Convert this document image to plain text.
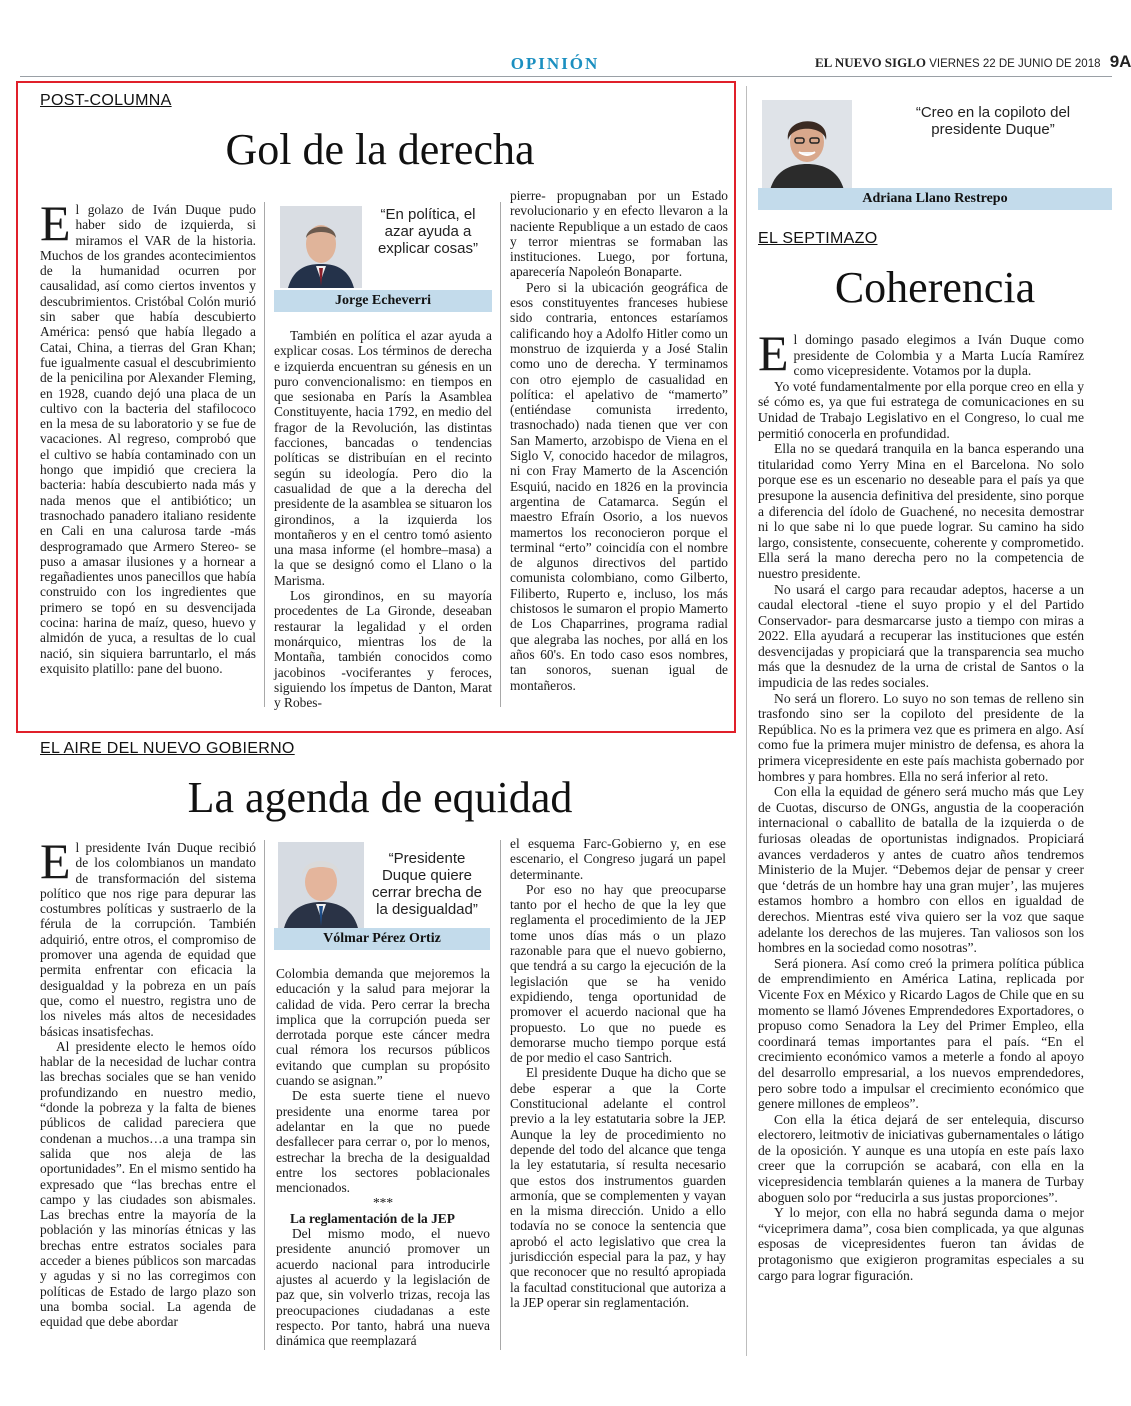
OPINIÓN	EL NUEVO SIGLO VIERNES 22 DE JUNIO DE 2018 9A
POST-COLUMNA
Gol de la derecha

El golazo de Iván Duque pudo haber sido de izquierda, si miramos el VAR de la historia. Muchos de los grandes acontecimientos de la humanidad ocurren por causalidad, así como ciertos inventos y descubrimientos. Cristóbal Colón murió sin saber que había descubierto América: pensó que había llegado a Catai, China, a tierras del Gran Khan; fue igualmente casual el descubrimiento de la penicilina por Alexander Fleming, en 1928, cuando dejó una placa de un cultivo con la bacteria del stafilococo en la mesa de su laboratorio y se fue de vacaciones. Al regreso, comprobó que el cultivo se había contaminado con un hongo que impidió que creciera la bacteria: había descubierto nada más y nada menos que el antibiótico; un trasnochado panadero italiano residente en Cali en una calurosa tarde -más desprogramado que Armero Stereo- se puso a amasar ilusiones y a hornear a regañadientes unos panecillos que había construido con los ingredientes que primero se topó en su desvencijada cocina: harina de maíz, queso, huevo y almidón de yuca, a resultas de lo cual nació, sin siquiera barruntarlo, el más exquisito platillo: pane del buono.

“En política, el azar ayuda a explicar cosas”
Jorge Echeverri

También en política el azar ayuda a explicar cosas. Los términos de derecha e izquierda encuentran su génesis en un puro convencionalismo: en tiempos en que sesionaba en París la Asamblea Constituyente, hacia 1792, en medio del fragor de la Revolución, las distintas facciones, bancadas o tendencias políticas se distribuían en el recinto según su ideología. Pero dio la casualidad de que a la derecha del presidente de la asamblea se situaron los girondinos, a la izquierda los montañeros y en el centro tomó asiento una masa informe (el hombre–masa) a la que se designó como el Llano o la Marisma.

Los girondinos, en su mayoría procedentes de La Gironde, deseaban restaurar la legalidad y el orden monárquico, mientras los de la Montaña, también conocidos como jacobinos -vociferantes y feroces, siguiendo los ímpetus de Danton, Marat y Robes-

pierre- propugnaban por un Estado revolucionario y en efecto llevaron a la naciente Republique a un estado de caos y terror mientras se formaban las instituciones. Luego, por fortuna, aparecería Napoleón Bonaparte.

Pero si la ubicación geográfica de esos constituyentes franceses hubiese sido contraria, entonces estaríamos calificando hoy a Adolfo Hitler como un monstruo de izquierda y a José Stalin como uno de derecha. Y terminamos con otro ejemplo de casualidad en política: el apelativo de “mamerto” (entiéndase comunista irredento, trasnochado) nada tienen que ver con San Mamerto, arzobispo de Viena en el Siglo V, conocido hacedor de milagros, ni con Fray Mamerto de la Ascención Esquiú, nacido en 1826 en la provincia argentina de Catamarca. Según el maestro Efraín Osorio, a los nuevos mamertos los reconocieron porque el terminal “erto” coincidía con el nombre de algunos directivos del partido comunista colombiano, como Gilberto, Filiberto, Ruperto e, incluso, los más chistosos le sumaron el propio Mamerto de Los Chaparrines, programa radial que alegraba las noches, por allá en los años 60's. En todo caso esos nombres, tan sonoros, suenan igual de montañeros.

EL AIRE DEL NUEVO GOBIERNO
La agenda de equidad

El presidente Iván Duque recibió de los colombianos un mandato de transformación del sistema político que nos rige para depurar las costumbres políticas y sustraerlo de la férula de la corrupción. También adquirió, entre otros, el compromiso de promover una agenda de equidad que permita enfrentar con eficacia la desigualdad y la pobreza en un país que, como el nuestro, registra uno de los niveles más altos de necesidades básicas insatisfechas.

Al presidente electo le hemos oído hablar de la necesidad de luchar contra las brechas sociales que se han venido profundizando en nuestro medio, “donde la pobreza y la falta de bienes públicos de calidad pareciera que condenan a muchos…a una trampa sin salida que nos aleja de las oportunidades”. En el mismo sentido ha expresado que “las brechas entre el campo y las ciudades son abismales. Las brechas entre la mayoría de la población y las minorías étnicas y las brechas entre estratos sociales para acceder a bienes públicos son marcadas y agudas y si no las corregimos con políticas de Estado de largo plazo son una bomba social. La agenda de equidad que debe abordar

“Presidente Duque quiere cerrar brecha de la desigualdad”
Vólmar Pérez Ortiz

Colombia demanda que mejoremos la educación y la salud para mejorar la calidad de vida. Pero cerrar la brecha implica que la corrupción pueda ser derrotada porque este cáncer medra cual rémora los recursos públicos evitando que cumplan su propósito cuando se asignan.”

De esta suerte tiene el nuevo presidente una enorme tarea por adelantar en la que no puede desfallecer para cerrar o, por lo menos, estrechar la brecha de la desigualdad entre los sectores poblacionales mencionados.

***

La reglamentación de la JEP

Del mismo modo, el nuevo presidente anunció promover un acuerdo nacional para introducirle ajustes al acuerdo y la legislación de paz que, sin volverlo trizas, recoja las preocupaciones ciudadanas a este respecto. Por tanto, habrá una nueva dinámica que reemplazará

el esquema Farc-Gobierno y, en ese escenario, el Congreso jugará un papel determinante.

Por eso no hay que preocuparse tanto por el hecho de que la ley que reglamenta el procedimiento de la JEP tome unos días más o un plazo razonable para que el nuevo gobierno, que tendrá a su cargo la ejecución de la legislación que se ha venido expidiendo, tenga oportunidad de promover el acuerdo nacional que ha propuesto. Lo que no puede es demorarse mucho tiempo porque está de por medio el caso Santrich.

El presidente Duque ha dicho que se debe esperar a que la Corte Constitucional adelante el control previo a la ley estatutaria sobre la JEP. Aunque la ley de procedimiento no depende del todo del alcance que tenga la ley estatutaria, sí resulta necesario que estos dos instrumentos guarden armonía, que se complementen y vayan en la misma dirección. Unido a ello todavía no se conoce la sentencia que aprobó el acto legislativo que crea la jurisdicción especial para la paz, y hay que reconocer que no resultó apropiada la facultad constitucional que autoriza a la JEP operar sin reglamentación.

“Creo en la copiloto del presidente Duque”
Adriana Llano Restrepo
EL SEPTIMAZO
Coherencia

El domingo pasado elegimos a Iván Duque como presidente de Colombia y a Marta Lucía Ramírez como vicepresidente. Votamos por la dupla.

Yo voté fundamentalmente por ella porque creo en ella y sé cómo es, ya que fui estratega de comunicaciones en su Unidad de Trabajo Legislativo en el Congreso, lo cual me permitió conocerla en profundidad.

Ella no se quedará tranquila en la banca esperando una titularidad como Yerry Mina en el Barcelona. No solo porque ese es un escenario no deseable para el país ya que presupone la ausencia definitiva del presidente, sino porque a diferencia del ídolo de Guachené, no necesita demostrar ni lo que sabe ni lo que puede lograr. Su camino ha sido largo, consistente, consecuente, coherente y comprometido. Ella será la mano derecha pero no la competencia de nuestro presidente.

No usará el cargo para recaudar adeptos, hacerse a un caudal electoral -tiene el suyo propio y el del Partido Conservador- para desmarcarse justo a tiempo con miras a 2022. Ella ayudará a recuperar las instituciones que estén desvencijadas y propiciará que la transparencia sea mucho más que la desnudez de la urna de cristal de Santos o la impudicia de las redes sociales.

No será un florero. Lo suyo no son temas de relleno sin trasfondo sino ser la copiloto del presidente de la República. No es la primera vez que es primera en algo. Así como fue la primera mujer ministro de defensa, es ahora la primera vicepresidente en este país machista gobernado por hombres y para hombres. Ella no será inferior al reto.

Con ella la equidad de género será mucho más que Ley de Cuotas, discurso de ONGs, angustia de la cooperación internacional o caballito de batalla de la izquierda o de furiosas oleadas de oportunistas indignados. Propiciará avances verdaderos y antes de cuatro años tendremos Ministerio de la Mujer. “Debemos dejar de pensar y creer que ‘detrás de un hombre hay una gran mujer’, las mujeres estamos hombro a hombro con ellos en igualdad de derechos. Mientras esté viva quiero ser la voz que saque adelante los derechos de las mujeres. Tan valiosos son los hombres en la sociedad como nosotras”.

Será pionera. Así como creó la primera política pública de emprendimiento en América Latina, replicada por Vicente Fox en México y Ricardo Lagos de Chile que en su momento se llamó Jóvenes Emprendedores Exportadores, o propuso como Senadora la Ley del Primer Empleo, ella coordinará temas importantes para el país. “En el crecimiento económico vamos a meterle a fondo al apoyo del desarrollo empresarial, a los nuevos emprendedores, pero sobre todo a impulsar el crecimiento económico que genere millones de empleos”.

Con ella la ética dejará de ser entelequia, discurso electorero, leitmotiv de iniciativas gubernamentales o látigo de la oposición. Y aunque es una utopía en este país laxo creer que la corrupción se acabará, con ella en la vicepresidencia temblarán quienes a la manera de Turbay aboguen solo por “reducirla a sus justas proporciones”.

Y lo mejor, con ella no habrá segunda dama o mejor “viceprimera dama”, cosa bien complicada, ya que algunas esposas de vicepresidentes fueron tan ávidas de protagonismo que exigieron programitas especiales a su cargo para lograr figuración.
